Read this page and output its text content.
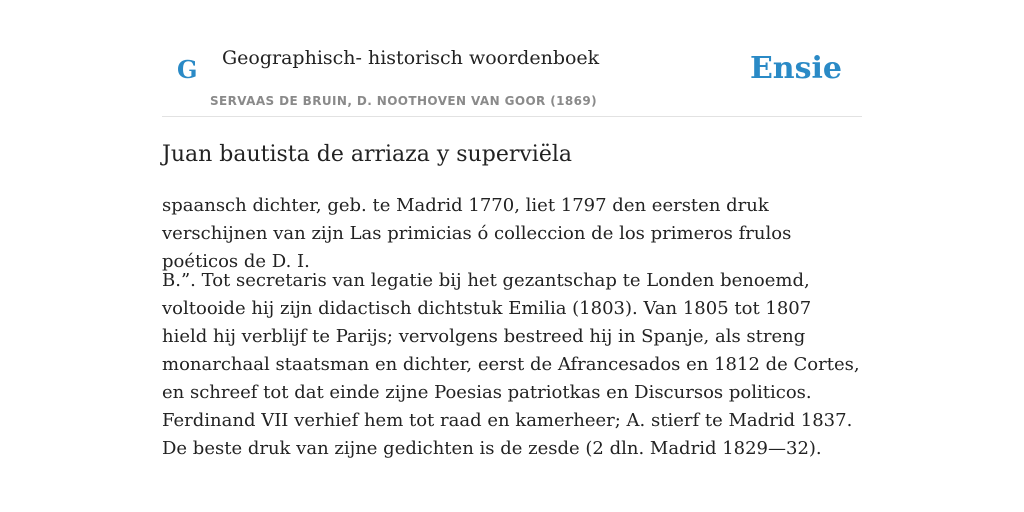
G Geographisch- historisch woordenboek
SERVAAS DE BRUIN, D. NOOTHOVEN VAN GOOR (1869)
Ensie
Juan bautista de arriaza y superviëla

spaansch dichter, geb. te Madrid 1770, liet 1797 den eersten druk verschijnen van zijn Las primicias ó colleccion de los primeros frulos poéticos de D. I.

B.”. Tot secretaris van legatie bij het gezantschap te Londen benoemd, voltooide hij zijn didactisch dichtstuk Emilia (1803). Van 1805 tot 1807 hield hij verblijf te Parijs; vervolgens bestreed hij in Spanje, als streng monarchaal staatsman en dichter, eerst de Afrancesados en 1812 de Cortes, en schreef tot dat einde zijne Poesias patriotkas en Discursos politicos. Ferdinand VII verhief hem tot raad en kamerheer; A. stierf te Madrid 1837. De beste druk van zijne gedichten is de zesde (2 dln. Madrid 1829—32).
